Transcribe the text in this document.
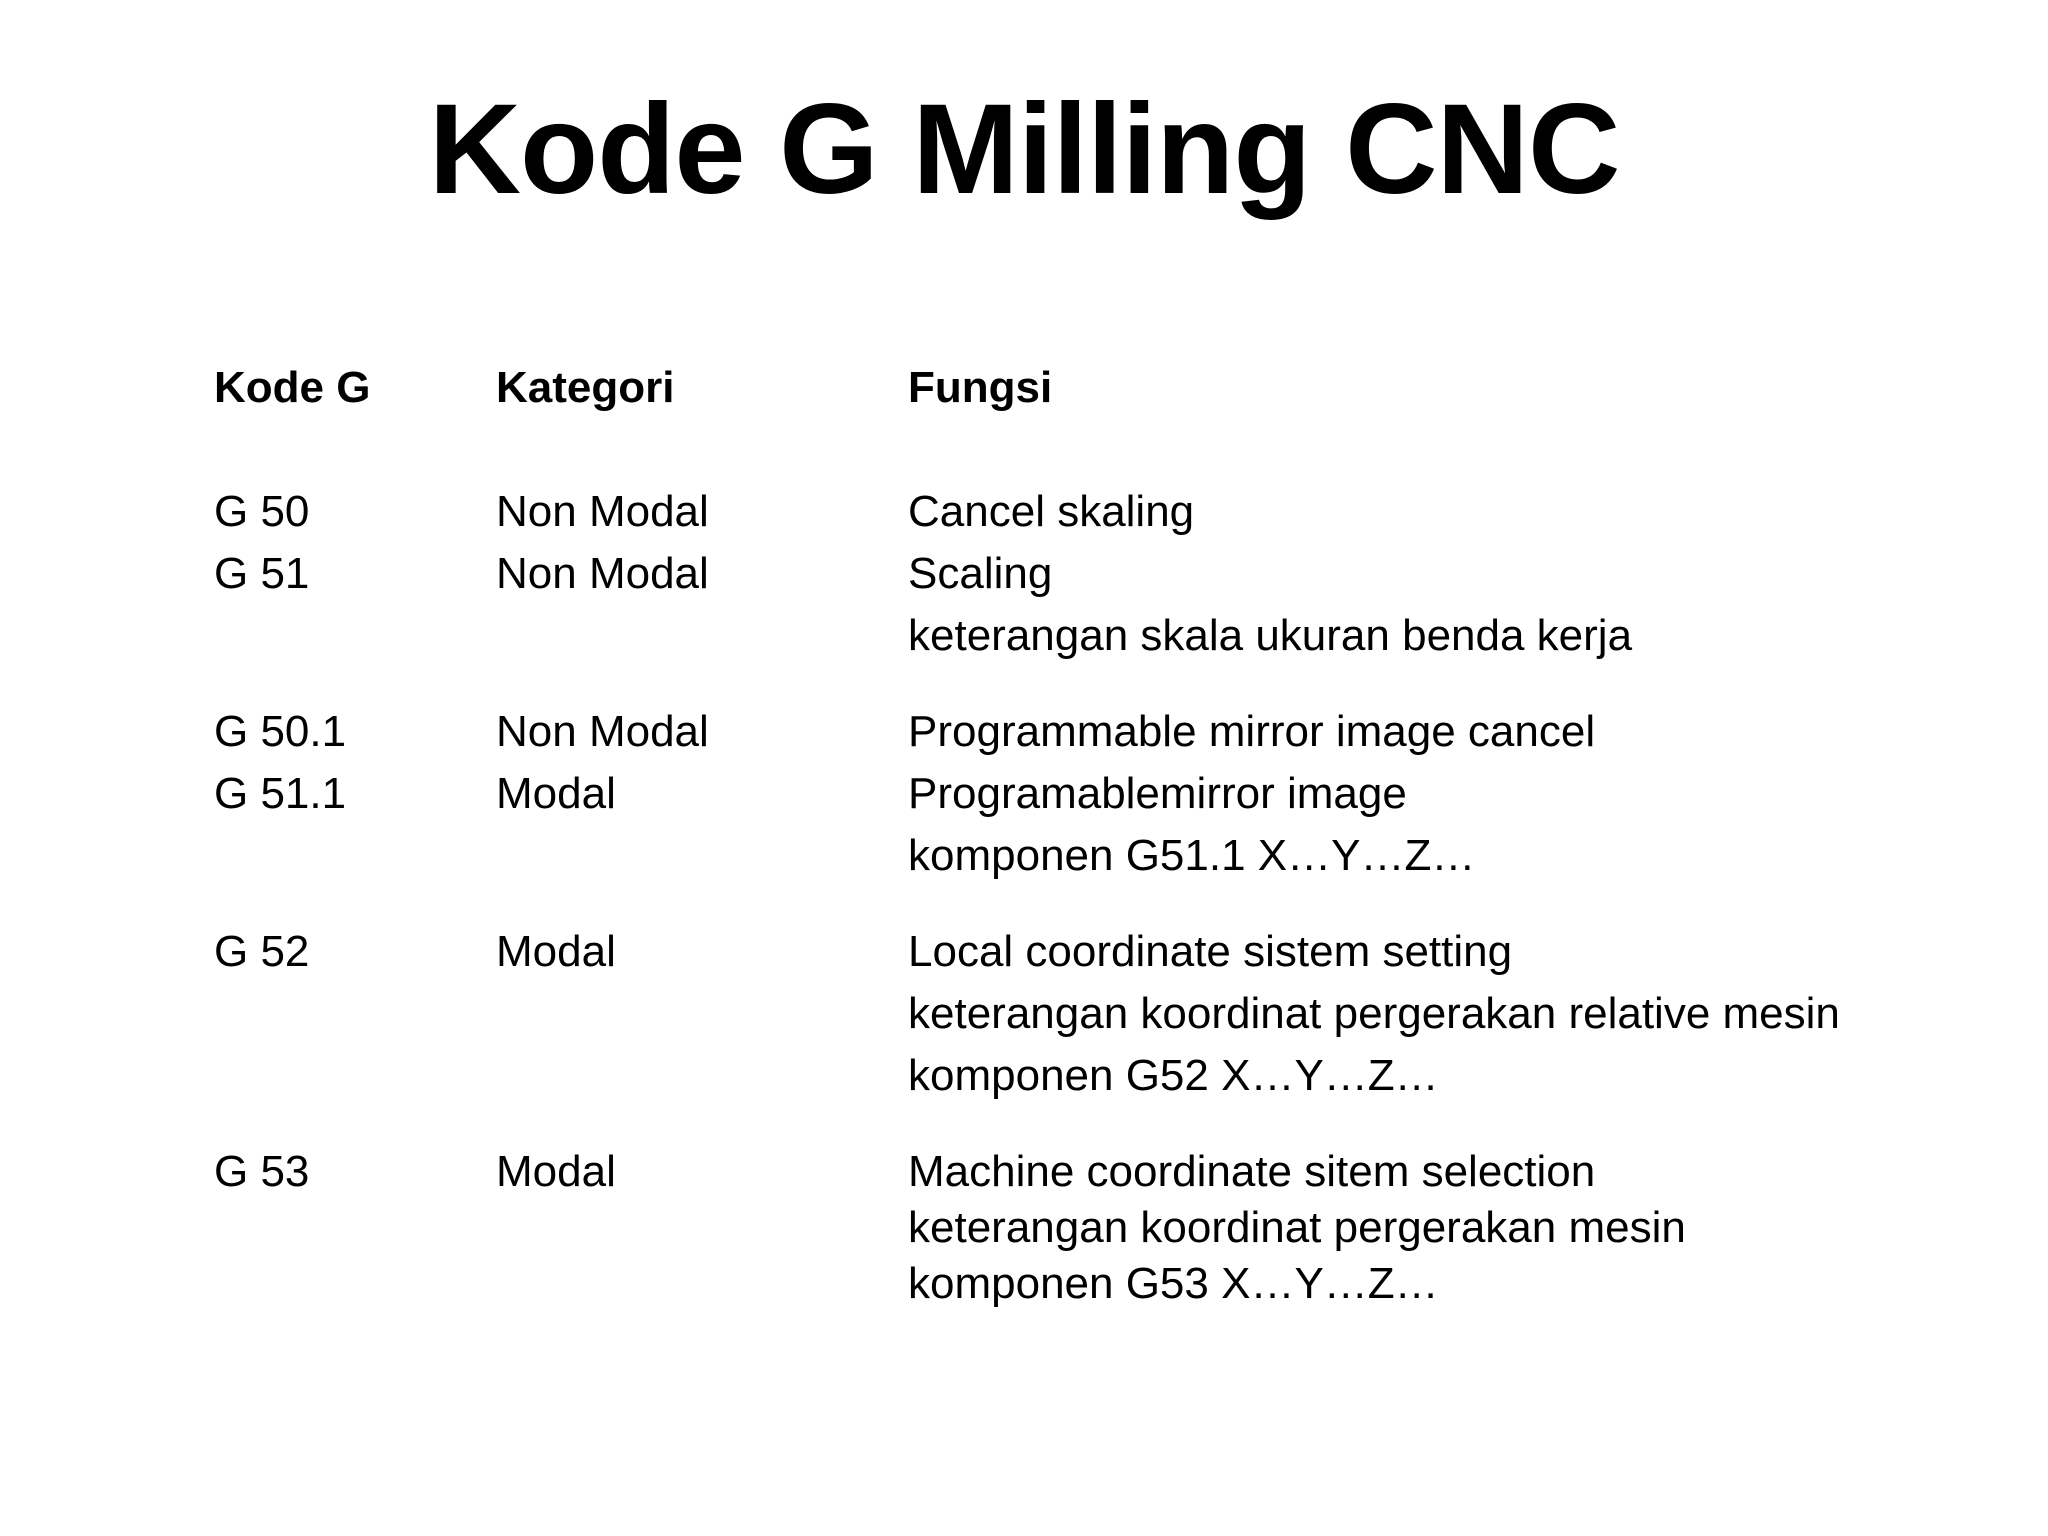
Kode G Milling CNC
Kode G	Kategori	Fungsi
G 50	Non Modal	Cancel skaling
G 51	Non Modal	Scaling
keterangan skala ukuran benda kerja
G 50.1	Non Modal	Programmable mirror image cancel
G 51.1	Modal	Programablemirror image
komponen G51.1 X…Y…Z…
G 52	Modal	Local coordinate sistem setting
keterangan koordinat pergerakan relative mesin
komponen G52 X…Y…Z…
G 53	Modal	Machine coordinate sitem selection
keterangan koordinat pergerakan mesin
komponen G53 X…Y…Z…
